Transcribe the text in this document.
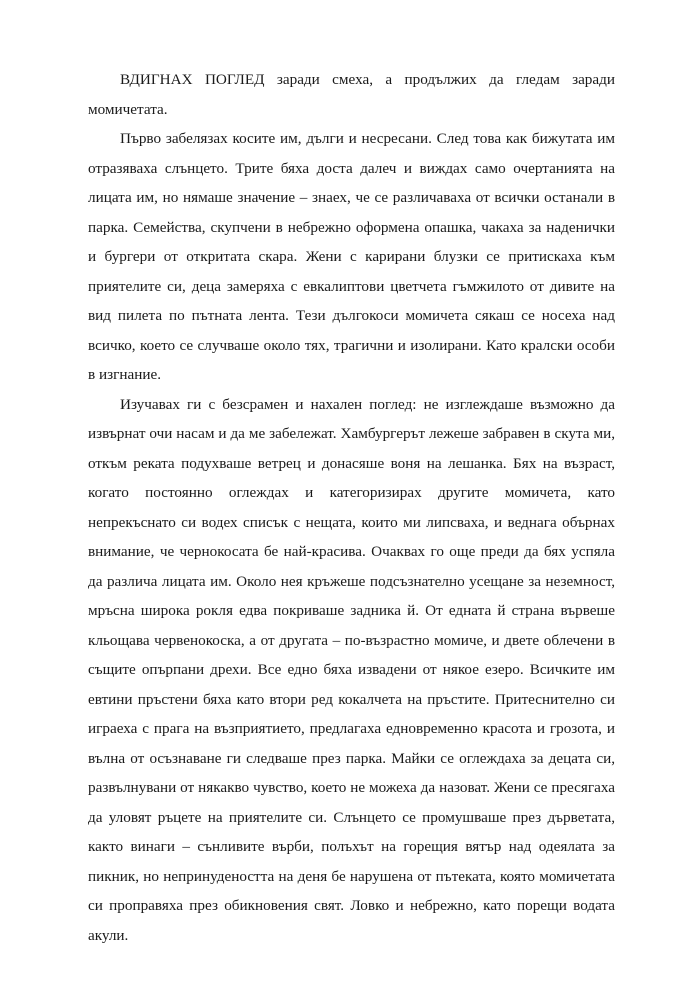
ВДИГНАХ ПОГЛЕД заради смеха, а продължих да гледам заради момичетата.

Първо забелязах косите им, дълги и несресани. След това как бижутата им отразяваха слънцето. Трите бяха доста далеч и виждах само очертанията на лицата им, но нямаше значение – знаех, че се различаваха от всички останали в парка. Семейства, скупчени в небрежно оформена опашка, чакаха за наденички и бургери от откритата скара. Жени с карирани блузки се притискаха към приятелите си, деца замеряха с евкалиптови цветчета гъмжилото от дивите на вид пилета по пътната лента. Тези дългокоси момичета сякаш се носеха над всичко, което се случваше около тях, трагични и изолирани. Като кралски особи в изгнание.

Изучавах ги с безсрамен и нахален поглед: не изглеждаше възможно да извърнат очи насам и да ме забележат. Хамбургерът лежеше забравен в скута ми, откъм реката подухваше ветрец и донасяше воня на лешанка. Бях на възраст, когато постоянно оглеждах и категоризирах другите момичета, като непрекъснато си водех списък с нещата, които ми липсваха, и веднага обърнах внимание, че чернокосата бе най-красива. Очаквах го още преди да бях успяла да различа лицата им. Около нея кръжеше подсъзнателно усещане за неземност, мръсна широка рокля едва покриваше задника й. От едната й страна вървеше кльощава червенокоска, а от другата – по-възрастно момиче, и двете облечени в същите опърпани дрехи. Все едно бяха извадени от някое езеро. Всичките им евтини пръстени бяха като втори ред кокалчета на пръстите. Притеснително си играеха с прага на възприятието, предлагаха едновременно красота и грозота, и вълна от осъзнаване ги следваше през парка. Майки се оглеждаха за децата си, развълнувани от някакво чувство, което не можеха да назоват. Жени се пресягаха да уловят ръцете на приятелите си. Слънцето се промушваше през дърветата, както винаги – сънливите върби, полъхът на горещия вятър над одеялата за пикник, но непринудеността на деня бе нарушена от пътеката, която момичетата си проправяха през обикновения свят. Ловко и небрежно, като порещи водата акули.
